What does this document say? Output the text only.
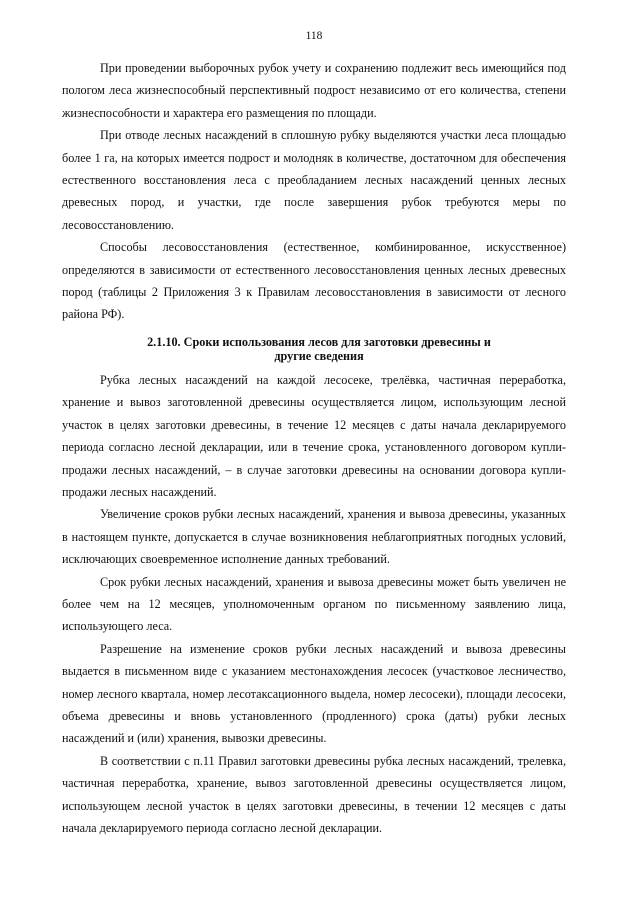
118

При проведении выборочных рубок учету и сохранению подлежит весь имеющийся под пологом леса жизнеспособный перспективный подрост независимо от его количества, степени жизнеспособности и характера его размещения по площади.

При отводе лесных насаждений в сплошную рубку выделяются участки леса площадью более 1 га, на которых имеется подрост и молодняк в количестве, достаточном для обеспечения естественного восстановления леса с преобладанием лесных насаждений ценных лесных древесных пород, и участки, где после завершения рубок требуются меры по лесовосстановлению.

Способы лесовосстановления (естественное, комбинированное, искусственное) определяются в зависимости от естественного лесовосстановления ценных лесных древесных пород (таблицы 2 Приложения 3 к Правилам лесовосстановления в зависимости от лесного района РФ).

2.1.10. Сроки использования лесов для заготовки древесины и
другие сведения

Рубка лесных насаждений на каждой лесосеке, трелёвка, частичная переработка, хранение и вывоз заготовленной древесины осуществляется лицом, использующим лесной участок в целях заготовки древесины, в течение 12 месяцев с даты начала декларируемого периода согласно лесной декларации, или в течение срока, установленного договором купли-продажи лесных насаждений, – в случае заготовки древесины на основании договора купли-продажи лесных насаждений.

Увеличение сроков рубки лесных насаждений, хранения и вывоза древесины, указанных в настоящем пункте, допускается в случае возникновения неблагоприятных погодных условий, исключающих своевременное исполнение данных требований.

Срок рубки лесных насаждений, хранения и вывоза древесины может быть увеличен не более чем на 12 месяцев, уполномоченным органом по письменному заявлению лица, использующего леса.

Разрешение на изменение сроков рубки лесных насаждений и вывоза древесины выдается в письменном виде с указанием местонахождения лесосек (участковое лесничество, номер лесного квартала, номер лесотаксационного выдела, номер лесосеки), площади лесосеки, объема древесины и вновь установленного (продленного) срока (даты) рубки лесных насаждений и (или) хранения, вывозки древесины.

В соответствии с п.11 Правил заготовки древесины рубка лесных насаждений, трелевка, частичная переработка, хранение, вывоз заготовленной древесины осуществляется лицом, использующем лесной участок в целях заготовки древесины, в течении 12 месяцев с даты начала декларируемого периода согласно лесной декларации.
